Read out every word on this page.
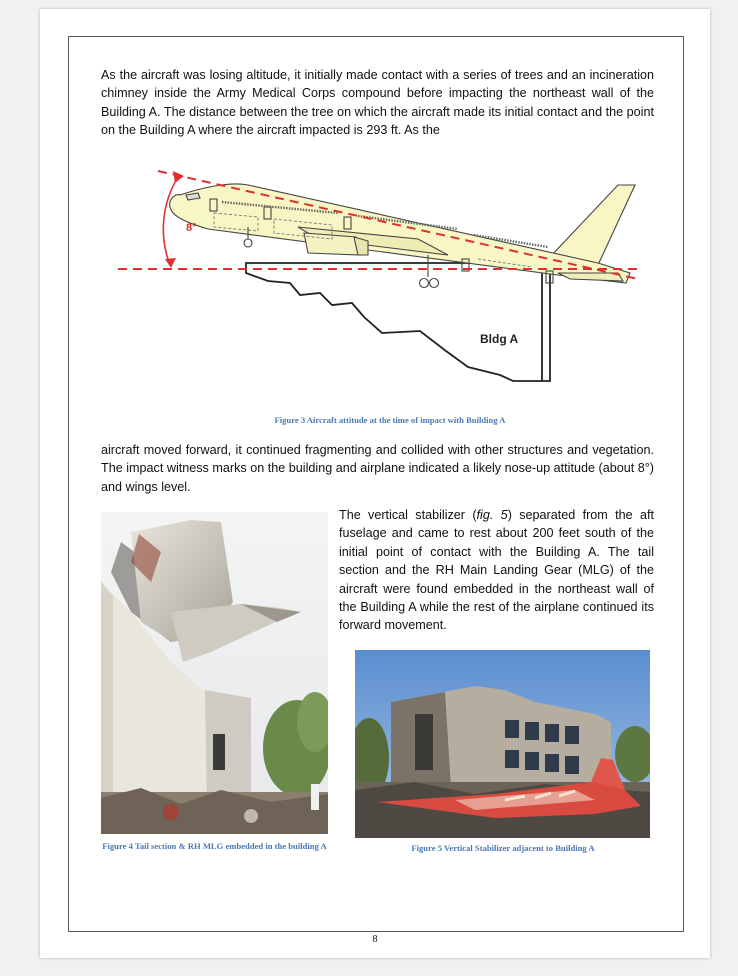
As the aircraft was losing altitude, it initially made contact with a series of trees and an incineration chimney inside the Army Medical Corps compound before impacting the northeast wall of the Building A. The distance between the tree on which the aircraft made its initial contact and the point on the Building A where the aircraft impacted is 293 ft. As the

Bldg A
8°
Figure 3 Aircraft attitude at the time of impact with Building A

aircraft moved forward, it continued fragmenting and collided with other structures and vegetation. The impact witness marks on the building and airplane indicated a likely nose-up attitude (about 8°) and wings level.

Figure 4 Tail section & RH MLG embedded in the building A

The vertical stabilizer (fig. 5) separated from the aft fuselage and came to rest about 200 feet south of the initial point of contact with the Building A. The tail section and the RH Main Landing Gear (MLG) of the aircraft were found embedded in the northeast wall of the Building A while the rest of the airplane continued its forward movement.

Figure 5 Vertical Stabilizer adjacent to Building A
8
